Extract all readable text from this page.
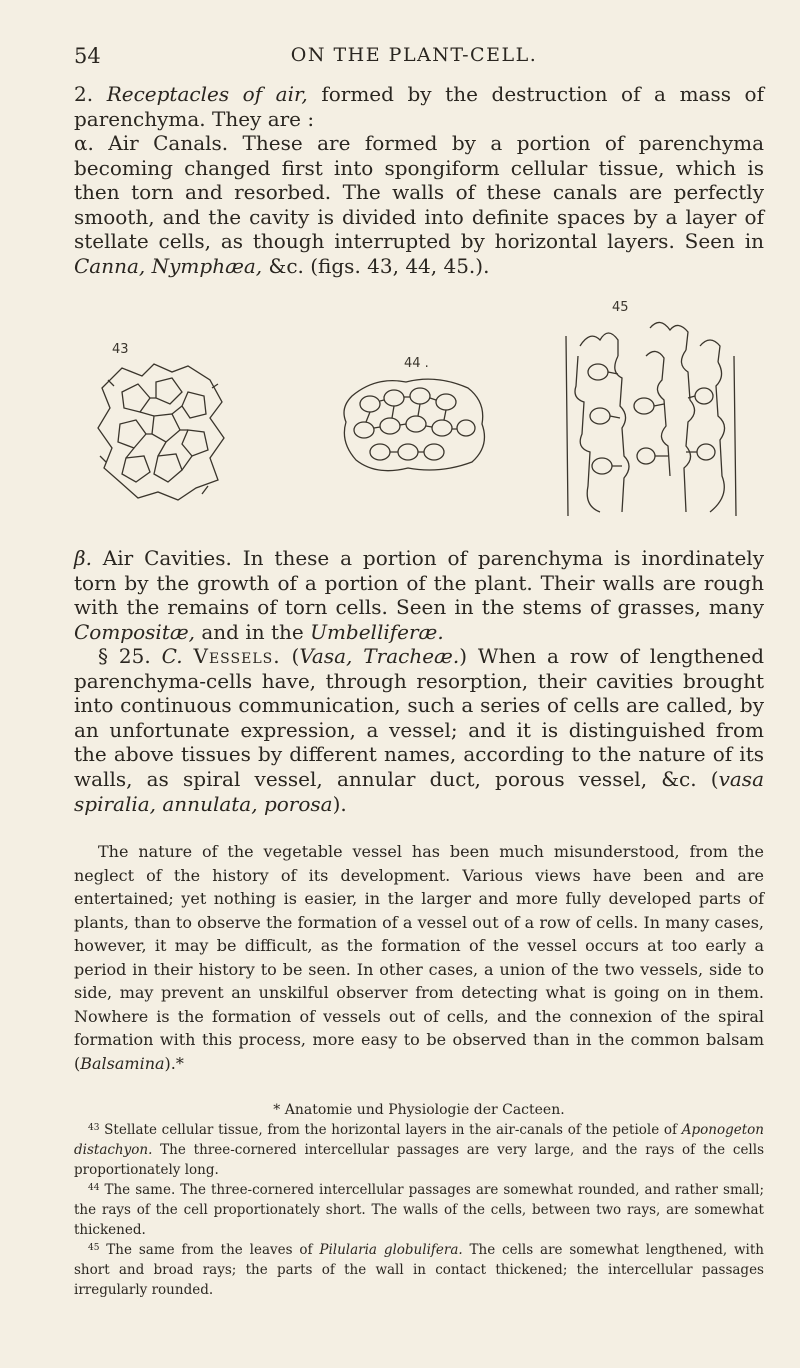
54	ON THE PLANT-CELL.

2. Receptacles of air, formed by the destruction of a mass of parenchyma. They are :

α. Air Canals. These are formed by a portion of parenchyma becoming changed first into spongiform cellular tissue, which is then torn and resorbed. The walls of these canals are perfectly smooth, and the cavity is divided into definite spaces by a layer of stellate cells, as though interrupted by horizontal layers. Seen in Canna, Nymphæa, &c. (figs. 43, 44, 45.).

43
44 .
45

β. Air Cavities. In these a portion of parenchyma is inordinately torn by the growth of a portion of the plant. Their walls are rough with the remains of torn cells. Seen in the stems of grasses, many Compositæ, and in the Umbelliferæ.

§ 25. C. Vessels. (Vasa, Tracheæ.) When a row of lengthened parenchyma-cells have, through resorption, their cavities brought into continuous communication, such a series of cells are called, by an unfortunate expression, a vessel; and it is distinguished from the above tissues by different names, according to the nature of its walls, as spiral vessel, annular duct, porous vessel, &c. (vasa spiralia, annulata, porosa).

The nature of the vegetable vessel has been much misunderstood, from the neglect of the history of its development. Various views have been and are entertained; yet nothing is easier, in the larger and more fully developed parts of plants, than to observe the formation of a vessel out of a row of cells. In many cases, however, it may be difficult, as the formation of the vessel occurs at too early a period in their history to be seen. In other cases, a union of the two vessels, side to side, may prevent an unskilful observer from detecting what is going on in them. Nowhere is the formation of vessels out of cells, and the connexion of the spiral formation with this process, more easy to be observed than in the common balsam (Balsamina).*

* Anatomie und Physiologie der Cacteen.

$^{43}$ Stellate cellular tissue, from the horizontal layers in the air-canals of the petiole of Aponogeton distachyon. The three-cornered intercellular passages are very large, and the rays of the cells proportionately long.

$^{44}$ The same. The three-cornered intercellular passages are somewhat rounded, and rather small; the rays of the cell proportionately short. The walls of the cells, between two rays, are somewhat thickened.

$^{45}$ The same from the leaves of Pilularia globulifera. The cells are somewhat lengthened, with short and broad rays; the parts of the wall in contact thickened; the intercellular passages irregularly rounded.
